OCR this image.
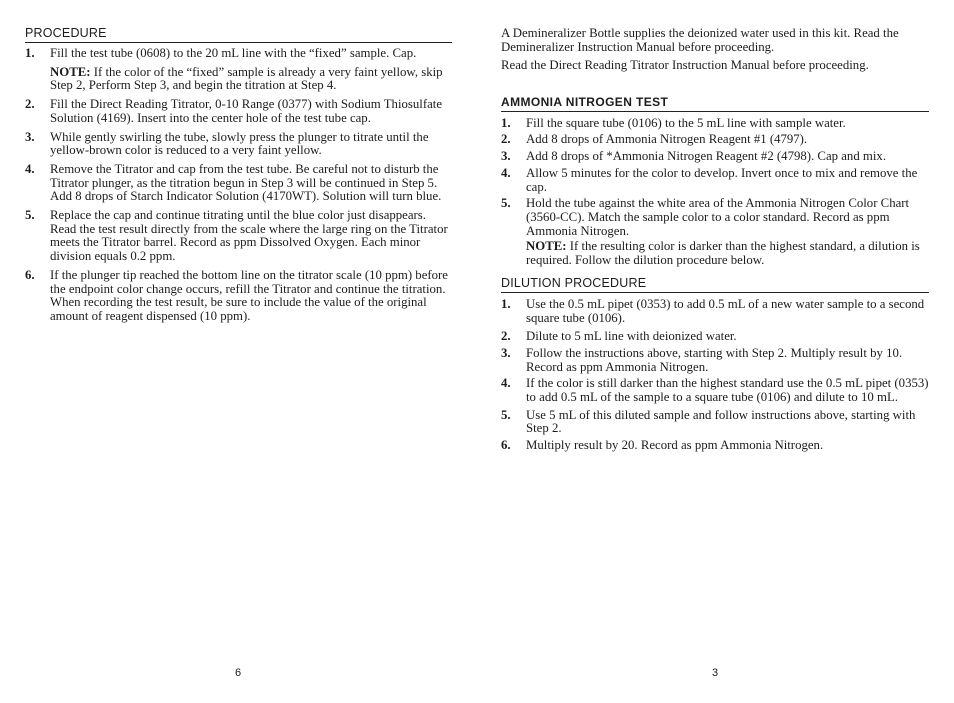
PROCEDURE
1. Fill the test tube (0608) to the 20 mL line with the “fixed” sample. Cap.
NOTE: If the color of the “fixed” sample is already a very faint yellow, skip Step 2, Perform Step 3, and begin the titration at Step 4.
2. Fill the Direct Reading Titrator, 0-10 Range (0377) with Sodium Thiosulfate Solution (4169). Insert into the center hole of the test tube cap.
3. While gently swirling the tube, slowly press the plunger to titrate until the yellow-brown color is reduced to a very faint yellow.
4. Remove the Titrator and cap from the test tube. Be careful not to disturb the Titrator plunger, as the titration begun in Step 3 will be continued in Step 5. Add 8 drops of Starch Indicator Solution (4170WT). Solution will turn blue.
5. Replace the cap and continue titrating until the blue color just disappears. Read the test result directly from the scale where the large ring on the Titrator meets the Titrator barrel. Record as ppm Dissolved Oxygen. Each minor division equals 0.2 ppm.
6. If the plunger tip reached the bottom line on the titrator scale (10 ppm) before the endpoint color change occurs, refill the Titrator and continue the titration. When recording the test result, be sure to include the value of the original amount of reagent dispensed (10 ppm).
6

A Demineralizer Bottle supplies the deionized water used in this kit. Read the Demineralizer Instruction Manual before proceeding.

Read the Direct Reading Titrator Instruction Manual before proceeding.

AMMONIA NITROGEN TEST
1. Fill the square tube (0106) to the 5 mL line with sample water.
2. Add 8 drops of Ammonia Nitrogen Reagent #1 (4797).
3. Add 8 drops of *Ammonia Nitrogen Reagent #2 (4798). Cap and mix.
4. Allow 5 minutes for the color to develop. Invert once to mix and remove the cap.
5. Hold the tube against the white area of the Ammonia Nitrogen Color Chart (3560-CC). Match the sample color to a color standard. Record as ppm Ammonia Nitrogen.
NOTE: If the resulting color is darker than the highest standard, a dilution is required. Follow the dilution procedure below.
DILUTION PROCEDURE
1. Use the 0.5 mL pipet (0353) to add 0.5 mL of a new water sample to a second square tube (0106).
2. Dilute to 5 mL line with deionized water.
3. Follow the instructions above, starting with Step 2. Multiply result by 10. Record as ppm Ammonia Nitrogen.
4. If the color is still darker than the highest standard use the 0.5 mL pipet (0353) to add 0.5 mL of the sample to a square tube (0106) and dilute to 10 mL.
5. Use 5 mL of this diluted sample and follow instructions above, starting with Step 2.
6. Multiply result by 20. Record as ppm Ammonia Nitrogen.
3
